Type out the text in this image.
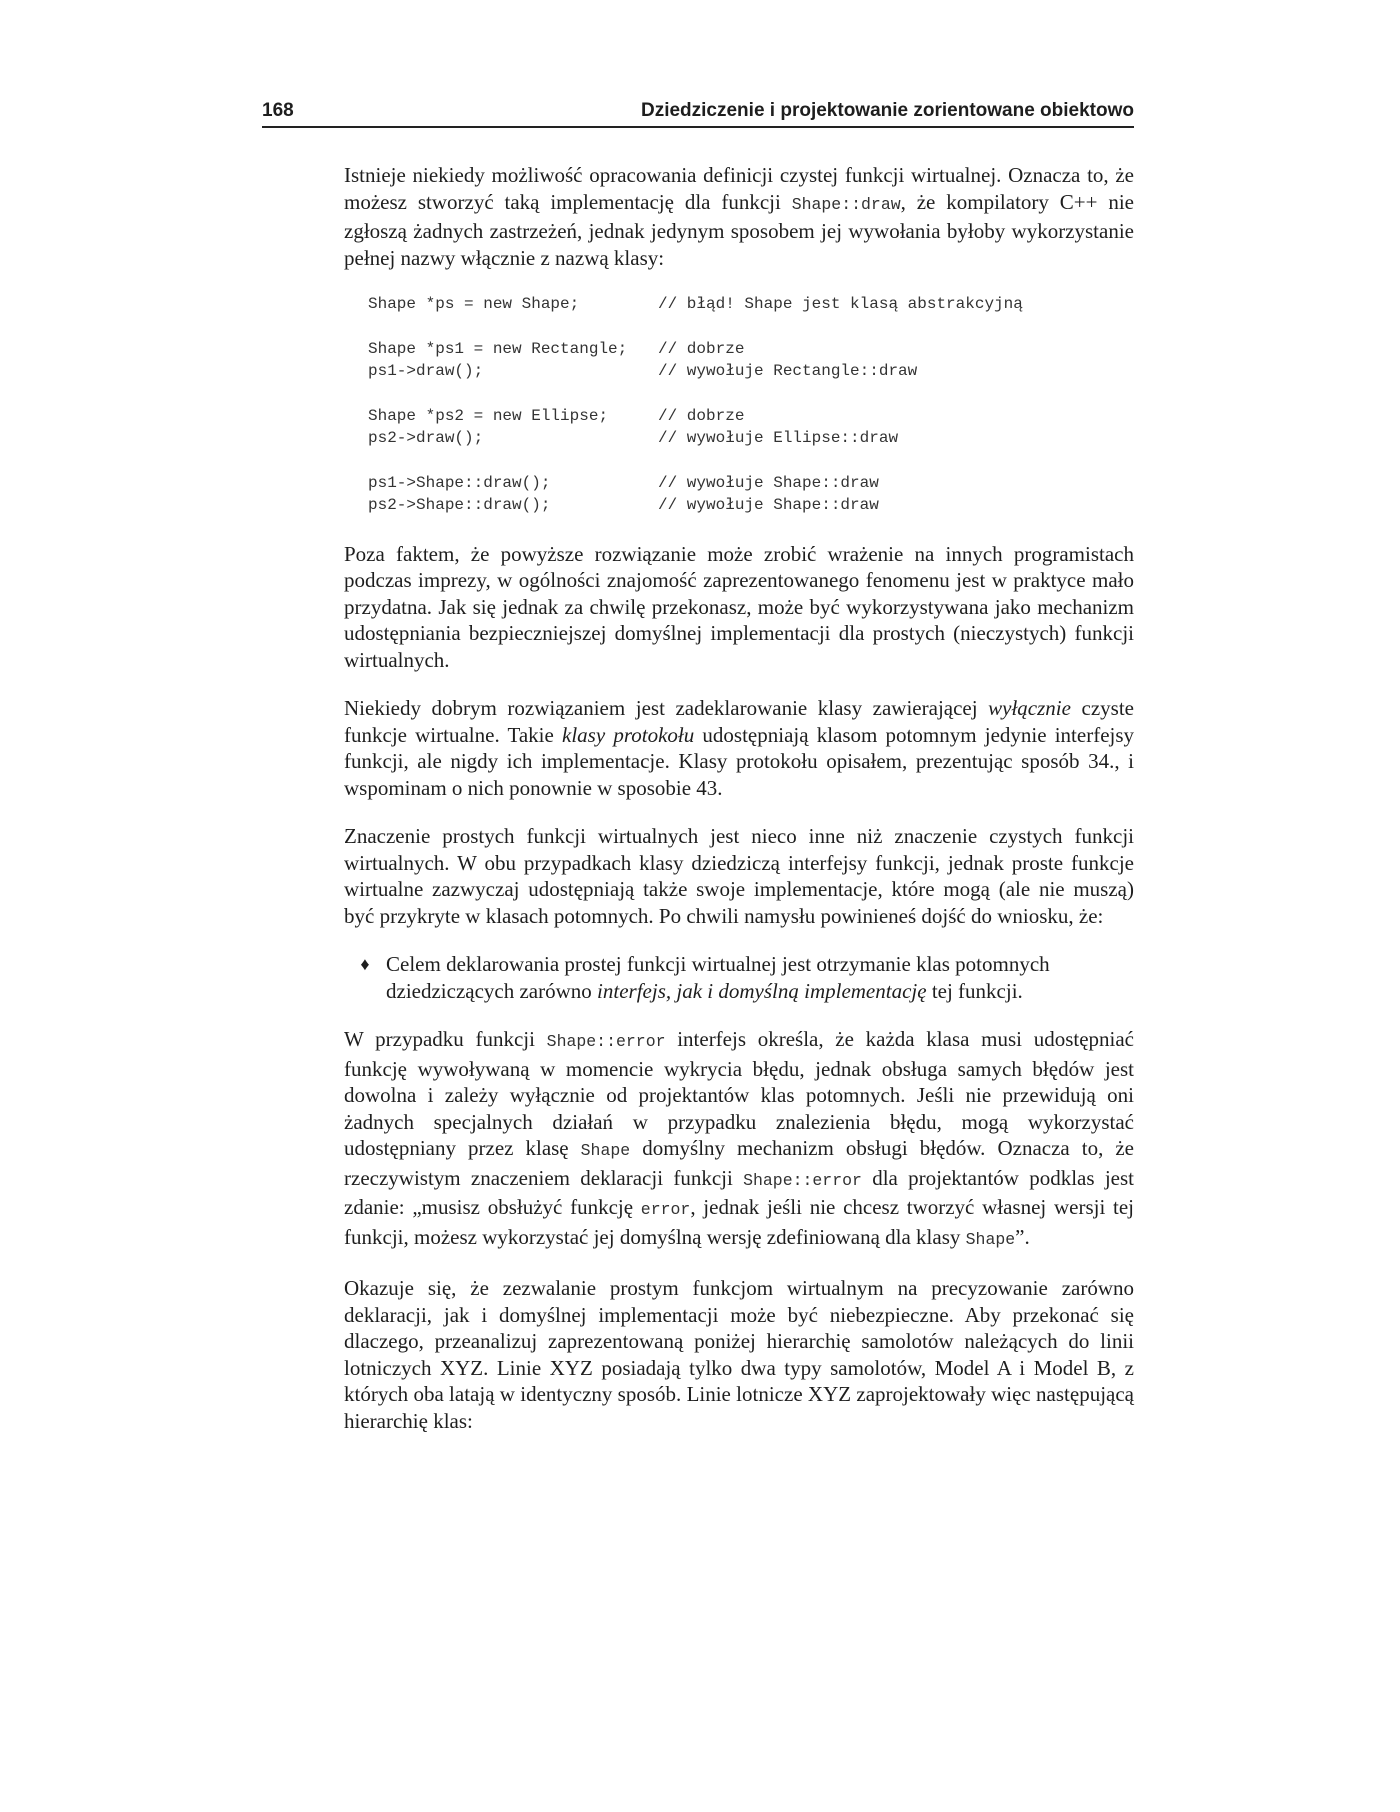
168	Dziedziczenie i projektowanie zorientowane obiektowo

Istnieje niekiedy możliwość opracowania definicji czystej funkcji wirtualnej. Oznacza to, że możesz stworzyć taką implementację dla funkcji Shape::draw, że kompilatory C++ nie zgłoszą żadnych zastrzeżeń, jednak jedynym sposobem jej wywołania byłoby wykorzystanie pełnej nazwy włącznie z nazwą klasy:

Shape *ps = new Shape;	// błąd! Shape jest klasą abstrakcyjną
Shape *ps1 = new Rectangle;	// dobrze
ps1->draw();	// wywołuje Rectangle::draw
Shape *ps2 = new Ellipse;	// dobrze
ps2->draw();	// wywołuje Ellipse::draw
ps1->Shape::draw();	// wywołuje Shape::draw
ps2->Shape::draw();	// wywołuje Shape::draw

Poza faktem, że powyższe rozwiązanie może zrobić wrażenie na innych programistach podczas imprezy, w ogólności znajomość zaprezentowanego fenomenu jest w praktyce mało przydatna. Jak się jednak za chwilę przekonasz, może być wykorzystywana jako mechanizm udostępniania bezpieczniejszej domyślnej implementacji dla prostych (nieczystych) funkcji wirtualnych.

Niekiedy dobrym rozwiązaniem jest zadeklarowanie klasy zawierającej wyłącznie czyste funkcje wirtualne. Takie klasy protokołu udostępniają klasom potomnym jedynie interfejsy funkcji, ale nigdy ich implementacje. Klasy protokołu opisałem, prezentując sposób 34., i wspominam o nich ponownie w sposobie 43.

Znaczenie prostych funkcji wirtualnych jest nieco inne niż znaczenie czystych funkcji wirtualnych. W obu przypadkach klasy dziedziczą interfejsy funkcji, jednak proste funkcje wirtualne zazwyczaj udostępniają także swoje implementacje, które mogą (ale nie muszą) być przykryte w klasach potomnych. Po chwili namysłu powinieneś dojść do wniosku, że:

♦ Celem deklarowania prostej funkcji wirtualnej jest otrzymanie klas potomnych dziedziczących zarówno interfejs, jak i domyślną implementację tej funkcji.

W przypadku funkcji Shape::error interfejs określa, że każda klasa musi udostępniać funkcję wywoływaną w momencie wykrycia błędu, jednak obsługa samych błędów jest dowolna i zależy wyłącznie od projektantów klas potomnych. Jeśli nie przewidują oni żadnych specjalnych działań w przypadku znalezienia błędu, mogą wykorzystać udostępniany przez klasę Shape domyślny mechanizm obsługi błędów. Oznacza to, że rzeczywistym znaczeniem deklaracji funkcji Shape::error dla projektantów podklas jest zdanie: „musisz obsłużyć funkcję error, jednak jeśli nie chcesz tworzyć własnej wersji tej funkcji, możesz wykorzystać jej domyślną wersję zdefiniowaną dla klasy Shape”.

Okazuje się, że zezwalanie prostym funkcjom wirtualnym na precyzowanie zarówno deklaracji, jak i domyślnej implementacji może być niebezpieczne. Aby przekonać się dlaczego, przeanalizuj zaprezentowaną poniżej hierarchię samolotów należących do linii lotniczych XYZ. Linie XYZ posiadają tylko dwa typy samolotów, Model A i Model B, z których oba latają w identyczny sposób. Linie lotnicze XYZ zaprojektowały więc następującą hierarchię klas:
